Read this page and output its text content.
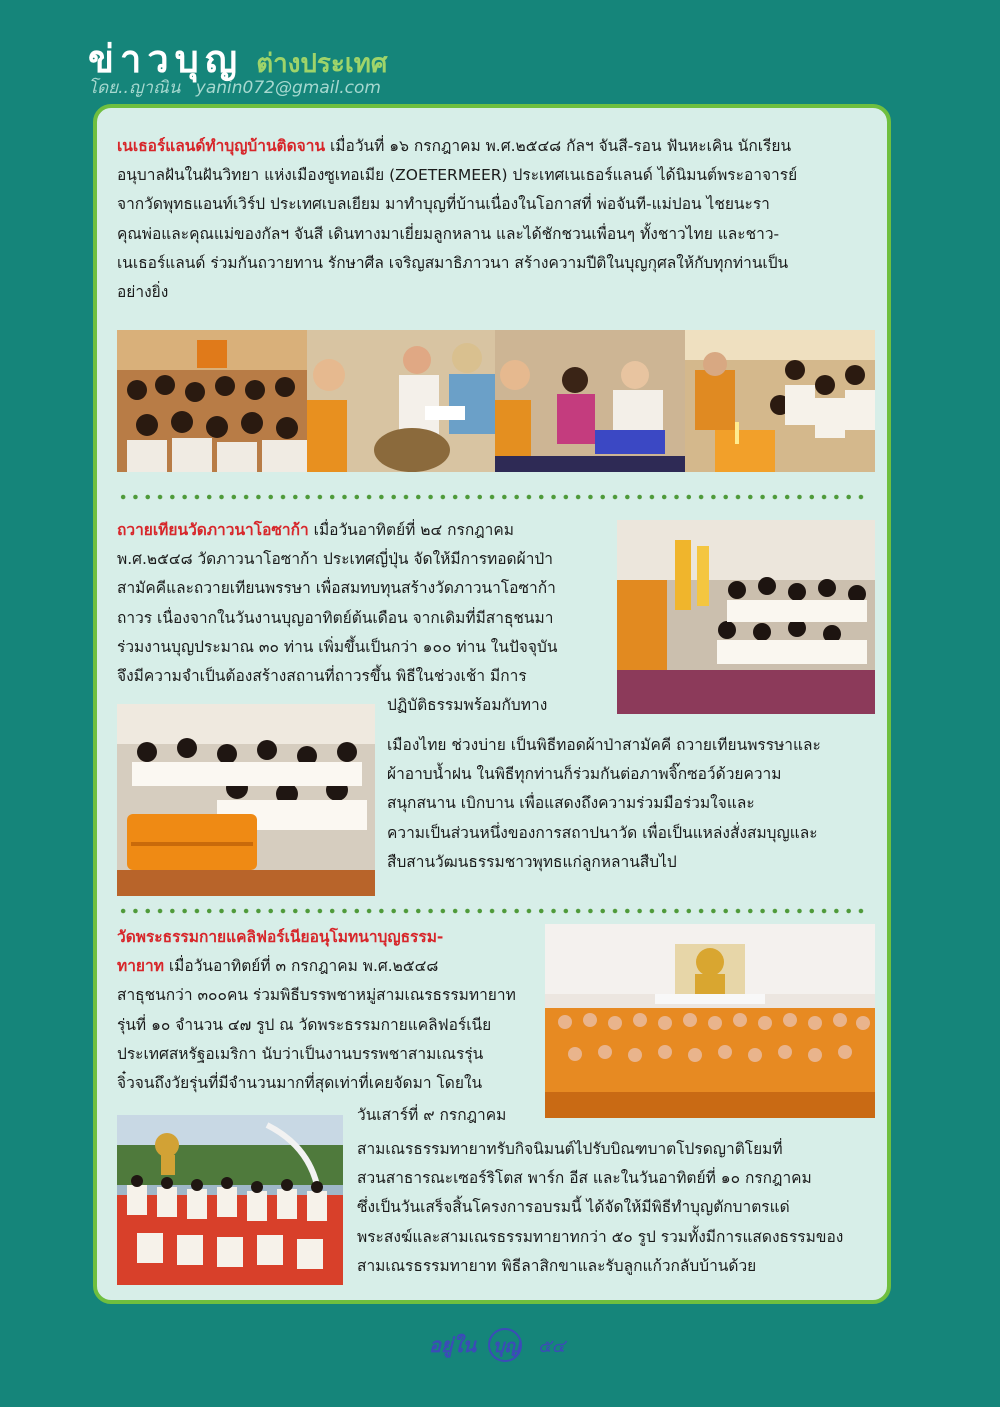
ข่าวบุญ ต่างประเทศ
โดย..ญาณิน yanin072@gmail.com
เนเธอร์แลนด์ทำบุญบ้านติดจาน เมื่อวันที่ ๑๖ กรกฎาคม พ.ศ.๒๕๔๘ กัลฯ จันสี-รอน ฟันหะเคิน นักเรียน
อนุบาลฝันในฝันวิทยา แห่งเมืองซูเทอเมีย (ZOETERMEER) ประเทศเนเธอร์แลนด์ ได้นิมนต์พระอาจารย์
จากวัดพุทธแอนท์เวิร์ป ประเทศเบลเยียม มาทำบุญที่บ้านเนื่องในโอกาสที่ พ่อจันที-แม่ปอน ไชยนะรา
คุณพ่อและคุณแม่ของกัลฯ จันสี เดินทางมาเยี่ยมลูกหลาน และได้ชักชวนเพื่อนๆ ทั้งชาวไทย และชาว-
เนเธอร์แลนด์ ร่วมกันถวายทาน รักษาศีล เจริญสมาธิภาวนา สร้างความปีติในบุญกุศลให้กับทุกท่านเป็น
อย่างยิ่ง
ถวายเทียนวัดภาวนาโอซาก้า เมื่อวันอาทิตย์ที่ ๒๔ กรกฎาคม
พ.ศ.๒๕๔๘ วัดภาวนาโอซาก้า ประเทศญี่ปุ่น จัดให้มีการทอดผ้าป่า
สามัคคีและถวายเทียนพรรษา เพื่อสมทบทุนสร้างวัดภาวนาโอซาก้า
ถาวร เนื่องจากในวันงานบุญอาทิตย์ต้นเดือน จากเดิมที่มีสาธุชนมา
ร่วมงานบุญประมาณ ๓๐ ท่าน เพิ่มขึ้นเป็นกว่า ๑๐๐ ท่าน ในปัจจุบัน
จึงมีความจำเป็นต้องสร้างสถานที่ถาวรขึ้น พิธีในช่วงเช้า มีการ
ปฏิบัติธรรมพร้อมกับทาง
เมืองไทย ช่วงบ่าย เป็นพิธีทอดผ้าป่าสามัคคี ถวายเทียนพรรษาและ
ผ้าอาบน้ำฝน ในพิธีทุกท่านก็ร่วมกันต่อภาพจิ๊กซอว์ด้วยความ
สนุกสนาน เบิกบาน เพื่อแสดงถึงความร่วมมือร่วมใจและ
ความเป็นส่วนหนึ่งของการสถาปนาวัด เพื่อเป็นแหล่งสั่งสมบุญและ
สืบสานวัฒนธรรมชาวพุทธแก่ลูกหลานสืบไป
วัดพระธรรมกายแคลิฟอร์เนียอนุโมทนาบุญธรรม-
ทายาท เมื่อวันอาทิตย์ที่ ๓ กรกฎาคม พ.ศ.๒๕๔๘
สาธุชนกว่า ๓๐๐คน ร่วมพิธีบรรพชาหมู่สามเณรธรรมทายาท
รุ่นที่ ๑๐ จำนวน ๔๗ รูป ณ วัดพระธรรมกายแคลิฟอร์เนีย
ประเทศสหรัฐอเมริกา นับว่าเป็นงานบรรพชาสามเณรรุ่น
จิ๋วจนถึงวัยรุ่นที่มีจำนวนมากที่สุดเท่าที่เคยจัดมา โดยใน
วันเสาร์ที่ ๙ กรกฎาคม
สามเณรธรรมทายาทรับกิจนิมนต์ไปรับบิณฑบาตโปรดญาติโยมที่
สวนสาธารณะเซอร์ริโตส พาร์ก อีส และในวันอาทิตย์ที่ ๑๐ กรกฎาคม
ซึ่งเป็นวันเสร็จสิ้นโครงการอบรมนี้ ได้จัดให้มีพิธีทำบุญตักบาตรแด่
พระสงฆ์และสามเณรธรรมทายาทกว่า ๕๐ รูป รวมทั้งมีการแสดงธรรมของ
สามเณรธรรมทายาท พิธีลาสิกขาและรับลูกแก้วกลับบ้านด้วย
อยู่ใน บุญ ๕๔
